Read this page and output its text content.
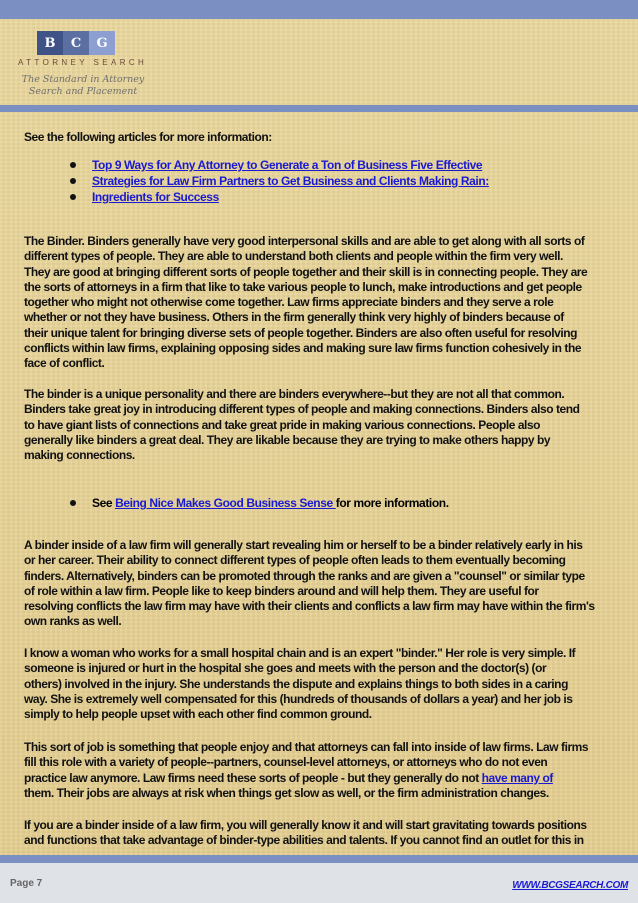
B	C	G
ATTORNEY SEARCH
The Standard in Attorney
Search and Placement
See the following articles for more information:
Top 9 Ways for Any Attorney to Generate a Ton of Business Five Effective
Strategies for Law Firm Partners to Get Business and Clients Making Rain:
Ingredients for Success
The Binder. Binders generally have very good interpersonal skills and are able to get along with all sorts of
different types of people. They are able to understand both clients and people within the firm very well.
They are good at bringing different sorts of people together and their skill is in connecting people. They are
the sorts of attorneys in a firm that like to take various people to lunch, make introductions and get people
together who might not otherwise come together. Law firms appreciate binders and they serve a role
whether or not they have business. Others in the firm generally think very highly of binders because of
their unique talent for bringing diverse sets of people together. Binders are also often useful for resolving
conflicts within law firms, explaining opposing sides and making sure law firms function cohesively in the
face of conflict.
The binder is a unique personality and there are binders everywhere--but they are not all that common.
Binders take great joy in introducing different types of people and making connections. Binders also tend
to have giant lists of connections and take great pride in making various connections. People also
generally like binders a great deal. They are likable because they are trying to make others happy by
making connections.
See Being Nice Makes Good Business Sense for more information.
A binder inside of a law firm will generally start revealing him or herself to be a binder relatively early in his
or her career. Their ability to connect different types of people often leads to them eventually becoming
finders. Alternatively, binders can be promoted through the ranks and are given a "counsel" or similar type
of role within a law firm. People like to keep binders around and will help them. They are useful for
resolving conflicts the law firm may have with their clients and conflicts a law firm may have within the firm's
own ranks as well.
I know a woman who works for a small hospital chain and is an expert "binder." Her role is very simple. If
someone is injured or hurt in the hospital she goes and meets with the person and the doctor(s) (or
others) involved in the injury. She understands the dispute and explains things to both sides in a caring
way. She is extremely well compensated for this (hundreds of thousands of dollars a year) and her job is
simply to help people upset with each other find common ground.
This sort of job is something that people enjoy and that attorneys can fall into inside of law firms. Law firms
fill this role with a variety of people--partners, counsel-level attorneys, or attorneys who do not even
practice law anymore. Law firms need these sorts of people - but they generally do not have many of
them. Their jobs are always at risk when things get slow as well, or the firm administration changes.
If you are a binder inside of a law firm, you will generally know it and will start gravitating towards positions
and functions that take advantage of binder-type abilities and talents. If you cannot find an outlet for this in
Page 7	WWW.BCGSEARCH.COM
